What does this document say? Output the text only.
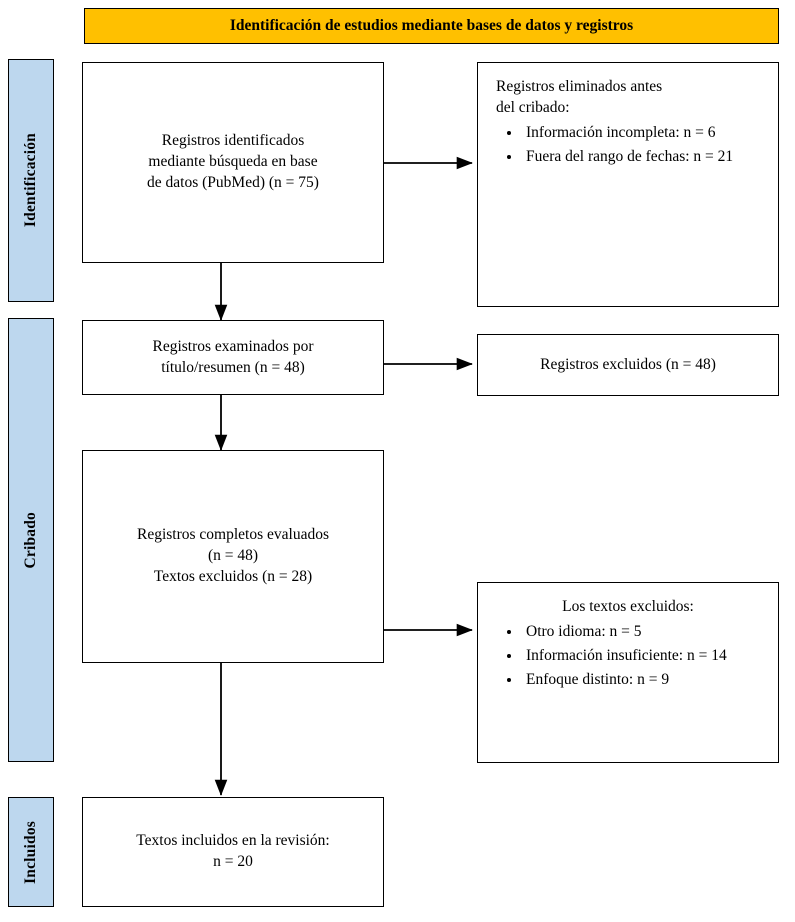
Identificación de estudios mediante bases de datos y registros
Identificación
Cribado
Incluidos
Registros identificados
mediante búsqueda en base
de datos (PubMed) (n = 75)

Registros eliminados antes

del cribado:

• Información incompleta: n = 6
• Fuera del rango de fechas: n = 21
Registros examinados por
título/resumen (n = 48)	Registros excluidos (n = 48)
Registros completos evaluados
(n = 48)
Textos excluidos (n = 28)

Los textos excluidos:

• Otro idioma: n = 5
• Información insuficiente: n = 14
• Enfoque distinto: n = 9
Textos incluidos en la revisión:
n = 20
